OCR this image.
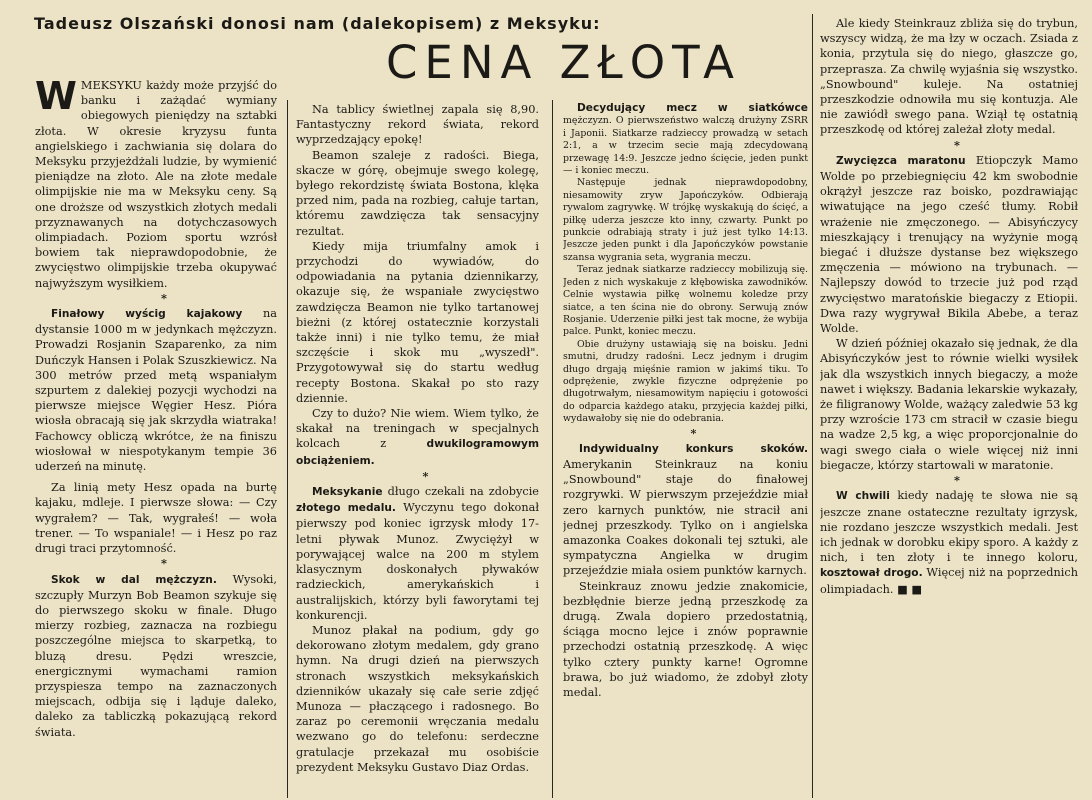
Tadeusz Olszański donosi nam (dalekopisem) z Meksyku:
CENA ZŁOTA

W MEKSYKU każdy może przyjść do banku i zażądać wymiany obiegowych pieniędzy na sztabki złota. W okresie kryzysu funta angielskiego i zachwiania się dolara do Meksyku przyjeżdżali ludzie, by wymienić pieniądze na złoto. Ale na złote medale olimpijskie nie ma w Meksyku ceny. Są one droższe od wszystkich złotych medali przyznawanych na dotychczasowych olimpiadach. Poziom sportu wzrósł bowiem tak nieprawdopodobnie, że zwycięstwo olimpijskie trzeba okupywać najwyższym wysiłkiem.

*

Finałowy wyścig kajakowy na dystansie 1000 m w jedynkach mężczyzn. Prowadzi Rosjanin Szaparenko, za nim Duńczyk Hansen i Polak Szuszkiewicz. Na 300 metrów przed metą wspaniałym szpurtem z dalekiej pozycji wychodzi na pierwsze miejsce Węgier Hesz. Pióra wiosła obracają się jak skrzydła wiatraka! Fachowcy obliczą wkrótce, że na finiszu wiosłował w niespotykanym tempie 36 uderzeń na minutę.

Za linią mety Hesz opada na burtę kajaku, mdleje. I pierwsze słowa: — Czy wygrałem? — Tak, wygrałeś! — woła trener. — To wspaniale! — i Hesz po raz drugi traci przytomność.

*

Skok w dal mężczyzn. Wysoki, szczupły Murzyn Bob Beamon szykuje się do pierwszego skoku w finale. Długo mierzy rozbieg, zaznacza na rozbiegu poszczególne miejsca to skarpetką, to bluzą dresu. Pędzi wreszcie, energicznymi wymachami ramion przyspiesza tempo na zaznaczonych miejscach, odbija się i ląduje daleko, daleko za tabliczką pokazującą rekord świata.

Na tablicy świetlnej zapala się 8,90. Fantastyczny rekord świata, rekord wyprzedzający epokę!

Beamon szaleje z radości. Biega, skacze w górę, obejmuje swego kolegę, byłego rekordzistę świata Bostona, klęka przed nim, pada na rozbieg, całuje tartan, któremu zawdzięcza tak sensacyjny rezultat.

Kiedy mija triumfalny amok i przychodzi do wywiadów, do odpowiadania na pytania dziennikarzy, okazuje się, że wspaniałe zwycięstwo zawdzięcza Beamon nie tylko tartanowej bieżni (z której ostatecznie korzystali także inni) i nie tylko temu, że miał szczęście i skok mu „wyszedł". Przygotowywał się do startu według recepty Bostona. Skakał po sto razy dziennie.

Czy to dużo? Nie wiem. Wiem tylko, że skakał na treningach w specjalnych kolcach z dwukilogramowym obciążeniem.

*

Meksykanie długo czekali na zdobycie złotego medalu. Wyczynu tego dokonał pierwszy pod koniec igrzysk młody 17-letni pływak Munoz. Zwyciężył w porywającej walce na 200 m stylem klasycznym doskonałych pływaków radzieckich, amerykańskich i australijskich, którzy byli faworytami tej konkurencji.

Munoz płakał na podium, gdy go dekorowano złotym medalem, gdy grano hymn. Na drugi dzień na pierwszych stronach wszystkich meksykańskich dzienników ukazały się całe serie zdjęć Munoza — płaczącego i radosnego. Bo zaraz po ceremonii wręczania medalu wezwano go do telefonu: serdeczne gratulacje przekazał mu osobiście prezydent Meksyku Gustavo Diaz Ordas.

Decydujący mecz w siatkówce mężczyzn. O pierwszeństwo walczą drużyny ZSRR i Japonii. Siatkarze radzieccy prowadzą w setach 2:1, a w trzecim secie mają zdecydowaną przewagę 14:9. Jeszcze jedno ścięcie, jeden punkt — i koniec meczu.

Następuje jednak nieprawdopodobny, niesamowity zryw Japończyków. Odbierają rywalom zagrywkę. W trójkę wyskakują do ścięć, a piłkę uderza jeszcze kto inny, czwarty. Punkt po punkcie odrabiają straty i już jest tylko 14:13. Jeszcze jeden punkt i dla Japończyków powstanie szansa wygrania seta, wygrania meczu.

Teraz jednak siatkarze radzieccy mobilizują się. Jeden z nich wyskakuje z kłębowiska zawodników. Celnie wystawia piłkę wolnemu koledze przy siatce, a ten ścina nie do obrony. Serwują znów Rosjanie. Uderzenie piłki jest tak mocne, że wybija palce. Punkt, koniec meczu.

Obie drużyny ustawiają się na boisku. Jedni smutni, drudzy radośni. Lecz jednym i drugim długo drgają mięśnie ramion w jakimś tiku. To odprężenie, zwykle fizyczne odprężenie po długotrwałym, niesamowitym napięciu i gotowości do odparcia każdego ataku, przyjęcia każdej piłki, wydawałoby się nie do odebrania.

*

Indywidualny konkurs skoków. Amerykanin Steinkrauz na koniu „Snowbound" staje do finałowej rozgrywki. W pierwszym przejeździe miał zero karnych punktów, nie stracił ani jednej przeszkody. Tylko on i angielska amazonka Coakes dokonali tej sztuki, ale sympatyczna Angielka w drugim przejeździe miała osiem punktów karnych.

Steinkrauz znowu jedzie znakomicie, bezbłędnie bierze jedną przeszkodę za drugą. Zwala dopiero przedostatnią, ściąga mocno lejce i znów poprawnie przechodzi ostatnią przeszkodę. A więc tylko cztery punkty karne! Ogromne brawa, bo już wiadomo, że zdobył złoty medal.

Ale kiedy Steinkrauz zbliża się do trybun, wszyscy widzą, że ma łzy w oczach. Zsiada z konia, przytula się do niego, głaszcze go, przeprasza. Za chwilę wyjaśnia się wszystko. „Snowbound" kuleje. Na ostatniej przeszkodzie odnowiła mu się kontuzja. Ale nie zawiódł swego pana. Wziął tę ostatnią przeszkodę od której zależał złoty medal.

*

Zwycięzca maratonu Etiopczyk Mamo Wolde po przebiegnięciu 42 km swobodnie okrążył jeszcze raz boisko, pozdrawiając wiwatujące na jego cześć tłumy. Robił wrażenie nie zmęczonego. — Abisyńczycy mieszkający i trenujący na wyżynie mogą biegać i dłuższe dystanse bez większego zmęczenia — mówiono na trybunach. — Najlepszy dowód to trzecie już pod rząd zwycięstwo maratońskie biegaczy z Etiopii. Dwa razy wygrywał Bikila Abebe, a teraz Wolde.

W dzień później okazało się jednak, że dla Abisyńczyków jest to równie wielki wysiłek jak dla wszystkich innych biegaczy, a może nawet i większy. Badania lekarskie wykazały, że filigranowy Wolde, ważący zaledwie 53 kg przy wzroście 173 cm stracił w czasie biegu na wadze 2,5 kg, a więc proporcjonalnie do wagi swego ciała o wiele więcej niż inni biegacze, którzy startowali w maratonie.

*

W chwili kiedy nadaję te słowa nie są jeszcze znane ostateczne rezultaty igrzysk, nie rozdano jeszcze wszystkich medali. Jest ich jednak w dorobku ekipy sporo. A każdy z nich, i ten złoty i te innego koloru, kosztował drogo. Więcej niż na poprzednich olimpiadach. ■ ■
